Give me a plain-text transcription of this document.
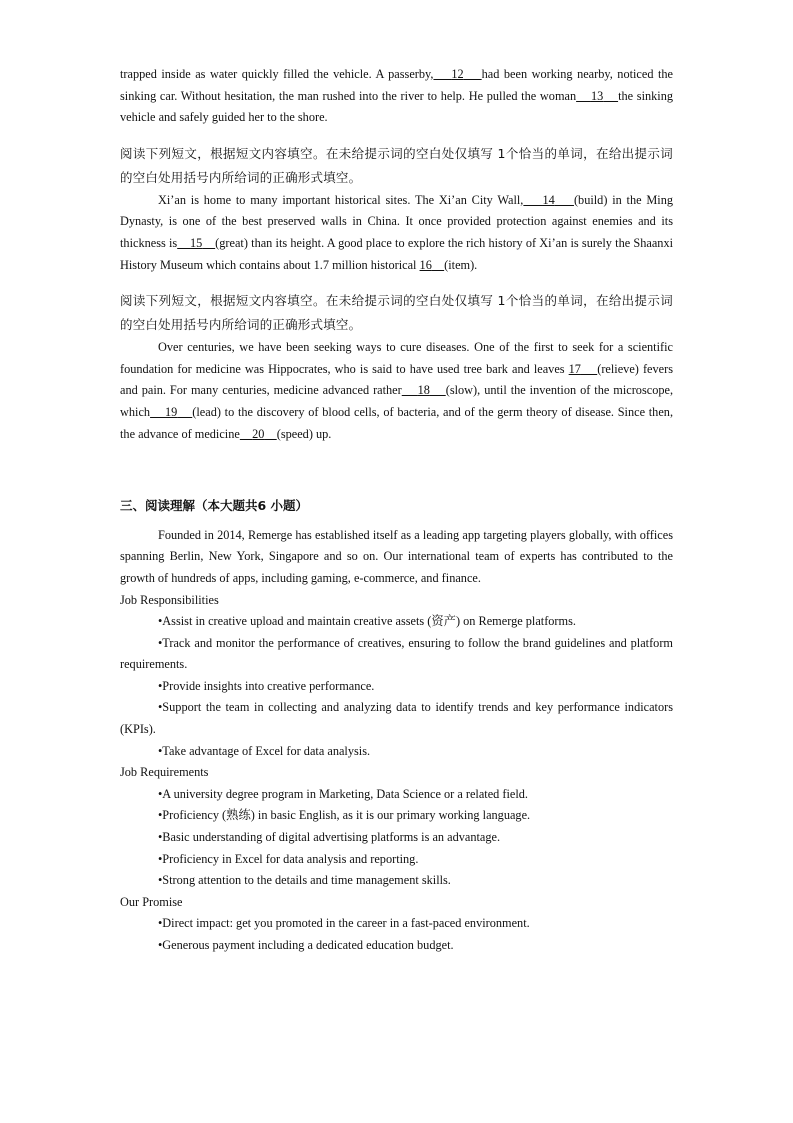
trapped inside as water quickly filled the vehicle. A passerby, 12 had been working nearby, noticed the sinking car. Without hesitation, the man rushed into the river to help. He pulled the woman 13 the sinking vehicle and safely guided her to the shore.

阅读下列短文，根据短文内容填空。在未给提示词的空白处仅填写 1个恰当的单词，在给出提示词的空白处用括号内所给词的正确形式填空。

Xi’an is home to many important historical sites. The Xi’an City Wall, 14 (build) in the Ming Dynasty, is one of the best preserved walls in China. It once provided protection against enemies and its thickness is 15 (great) than its height. A good place to explore the rich history of Xi’an is surely the Shaanxi History Museum which contains about 1.7 million historical 16 (item).

阅读下列短文，根据短文内容填空。在未给提示词的空白处仅填写 1个恰当的单词，在给出提示词的空白处用括号内所给词的正确形式填空。

Over centuries, we have been seeking ways to cure diseases. One of the first to seek for a scientific foundation for medicine was Hippocrates, who is said to have used tree bark and leaves 17 (relieve) fevers and pain. For many centuries, medicine advanced rather 18 (slow), until the invention of the microscope, which 19 (lead) to the discovery of blood cells, of bacteria, and of the germ theory of disease. Since then, the advance of medicine 20 (speed) up.

三、阅读理解（本大题共6 小题）

Founded in 2014, Remerge has established itself as a leading app targeting players globally, with offices spanning Berlin, New York, Singapore and so on. Our international team of experts has contributed to the growth of hundreds of apps, including gaming, e-commerce, and finance.

Job Responsibilities

•Assist in creative upload and maintain creative assets (资产) on Remerge platforms.

•Track and monitor the performance of creatives, ensuring to follow the brand guidelines and platform requirements.

•Provide insights into creative performance.

•Support the team in collecting and analyzing data to identify trends and key performance indicators (KPIs).

•Take advantage of Excel for data analysis.

Job Requirements

•A university degree program in Marketing, Data Science or a related field.

•Proficiency (熟练) in basic English, as it is our primary working language.

•Basic understanding of digital advertising platforms is an advantage.

•Proficiency in Excel for data analysis and reporting.

•Strong attention to the details and time management skills.

Our Promise

•Direct impact: get you promoted in the career in a fast-paced environment.

•Generous payment including a dedicated education budget.
